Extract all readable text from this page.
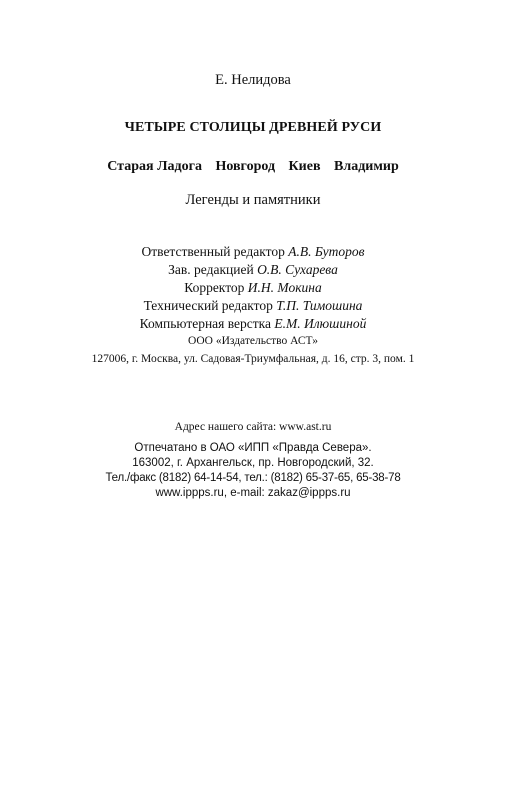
Е. Нелидова
ЧЕТЫРЕ СТОЛИЦЫ ДРЕВНЕЙ РУСИ
Старая Ладога Новгород Киев Владимир
Легенды и памятники
Ответственный редактор А.В. Буторов
Зав. редакцией О.В. Сухарева
Корректор И.Н. Мокина
Технический редактор Т.П. Тимошина
Компьютерная верстка Е.М. Илюшиной
ООО «Издательство АСТ»
127006, г. Москва, ул. Садовая-Триумфальная, д. 16, стр. 3, пом. 1
Адрес нашего сайта: www.ast.ru
Отпечатано в ОАО «ИПП «Правда Севера».
163002, г. Архангельск, пр. Новгородский, 32.
Тел./факс (8182) 64-14-54, тел.: (8182) 65-37-65, 65-38-78
www.ippps.ru, e-mail: zakaz@ippps.ru
